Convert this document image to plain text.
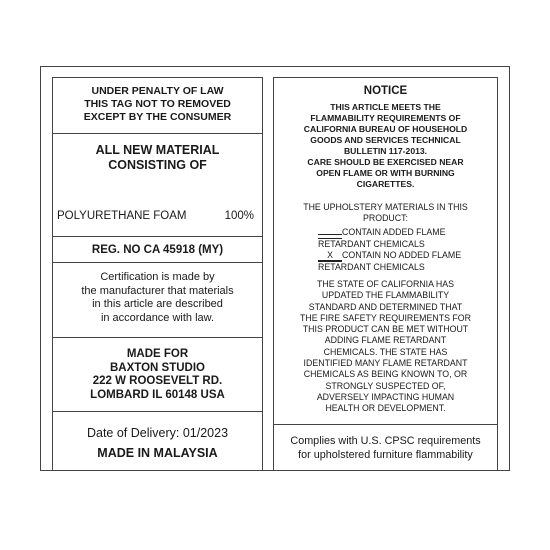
UNDER PENALTY OF LAW
THIS TAG NOT TO REMOVED
EXCEPT BY THE CONSUMER
ALL NEW MATERIAL
CONSISTING OF
POLYURETHANE FOAM	100%
REG. NO CA 45918 (MY)
Certification is made by
the manufacturer that materials
in this article are described
in accordance with law.
MADE FOR
BAXTON STUDIO
222 W ROOSEVELT RD.
LOMBARD IL 60148 USA
Date of Delivery: 01/2023
MADE IN MALAYSIA
NOTICE
THIS ARTICLE MEETS THE
FLAMMABILITY REQUIREMENTS OF
CALIFORNIA BUREAU OF HOUSEHOLD
GOODS AND SERVICES TECHNICAL
BULLETIN 117-2013.
CARE SHOULD BE EXERCISED NEAR
OPEN FLAME OR WITH BURNING
CIGARETTES.
THE UPHOLSTERY MATERIALS IN THIS
PRODUCT:
CONTAIN ADDED FLAME
RETARDANT CHEMICALS
X CONTAIN NO ADDED FLAME
RETARDANT CHEMICALS
THE STATE OF CALIFORNIA HAS
UPDATED THE FLAMMABILITY
STANDARD AND DETERMINED THAT
THE FIRE SAFETY REQUIREMENTS FOR
THIS PRODUCT CAN BE MET WITHOUT
ADDING FLAME RETARDANT
CHEMICALS. THE STATE HAS
IDENTIFIED MANY FLAME RETARDANT
CHEMICALS AS BEING KNOWN TO, OR
STRONGLY SUSPECTED OF,
ADVERSELY IMPACTING HUMAN
HEALTH OR DEVELOPMENT.
Complies with U.S. CPSC requirements
for upholstered furniture flammability
